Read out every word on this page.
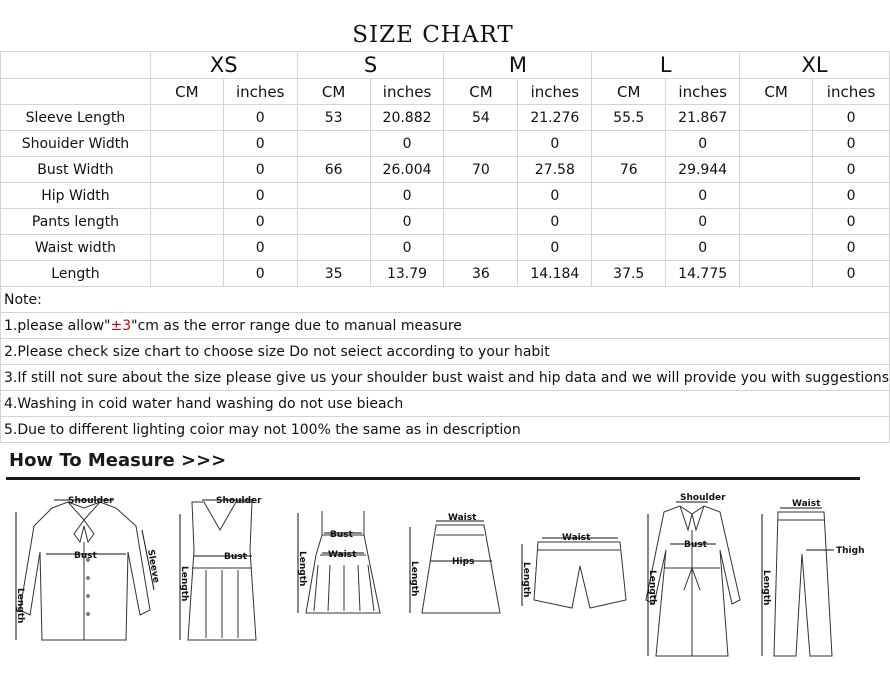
SIZE CHART
	XS		S		M		L		XL	
	CM	inches	CM	inches	CM	inches	CM	inches	CM	inches
Sleeve Length		0	53	20.882	54	21.276	55.5	21.867		0
Shouider Width		0		0		0		0		0
Bust Width		0	66	26.004	70	27.58	76	29.944		0
Hip Width		0		0		0		0		0
Pants length		0		0		0		0		0
Waist width		0		0		0		0		0
Length		0	35	13.79	36	14.184	37.5	14.775		0
Note:										
1.please allow"±3"cm as the error range due to manual measure										
2.Please check size chart to choose size Do not seiect according to your habit										
3.If still not sure about the size please give us your shoulder bust waist and hip data and we will provide you with suggestions										
4.Washing in coid water hand washing do not use bieach										
5.Due to different lighting coior may not 100% the same as in description										
How To Measure >>>
Shoulder
Bust
Length
Sleeve
Shoulder
Bust
Length
Bust
Waist
Length
Waist
Hips
Length
Waist
Length
Shoulder
Bust
Length
Waist
Thigh
Length
